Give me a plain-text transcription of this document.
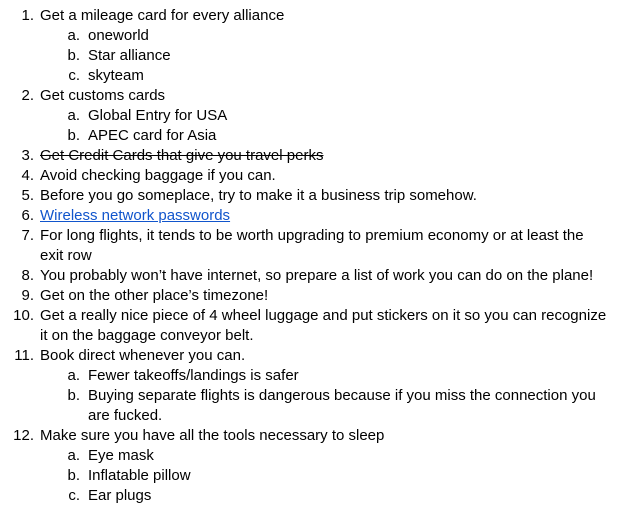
1. Get a mileage card for every alliance
a. oneworld
b. Star alliance
c. skyteam
2. Get customs cards
a. Global Entry for USA
b. APEC card for Asia
3. Get Credit Cards that give you travel perks
4. Avoid checking baggage if you can.
5. Before you go someplace, try to make it a business trip somehow.
6. Wireless network passwords
7. For long flights, it tends to be worth upgrading to premium economy or at least the exit row
8. You probably won’t have internet, so prepare a list of work you can do on the plane!
9. Get on the other place’s timezone!
10. Get a really nice piece of 4 wheel luggage and put stickers on it so you can recognize it on the baggage conveyor belt.
11. Book direct whenever you can.
a. Fewer takeoffs/landings is safer
b. Buying separate flights is dangerous because if you miss the connection you are fucked.
12. Make sure you have all the tools necessary to sleep
a. Eye mask
b. Inflatable pillow
c. Ear plugs
